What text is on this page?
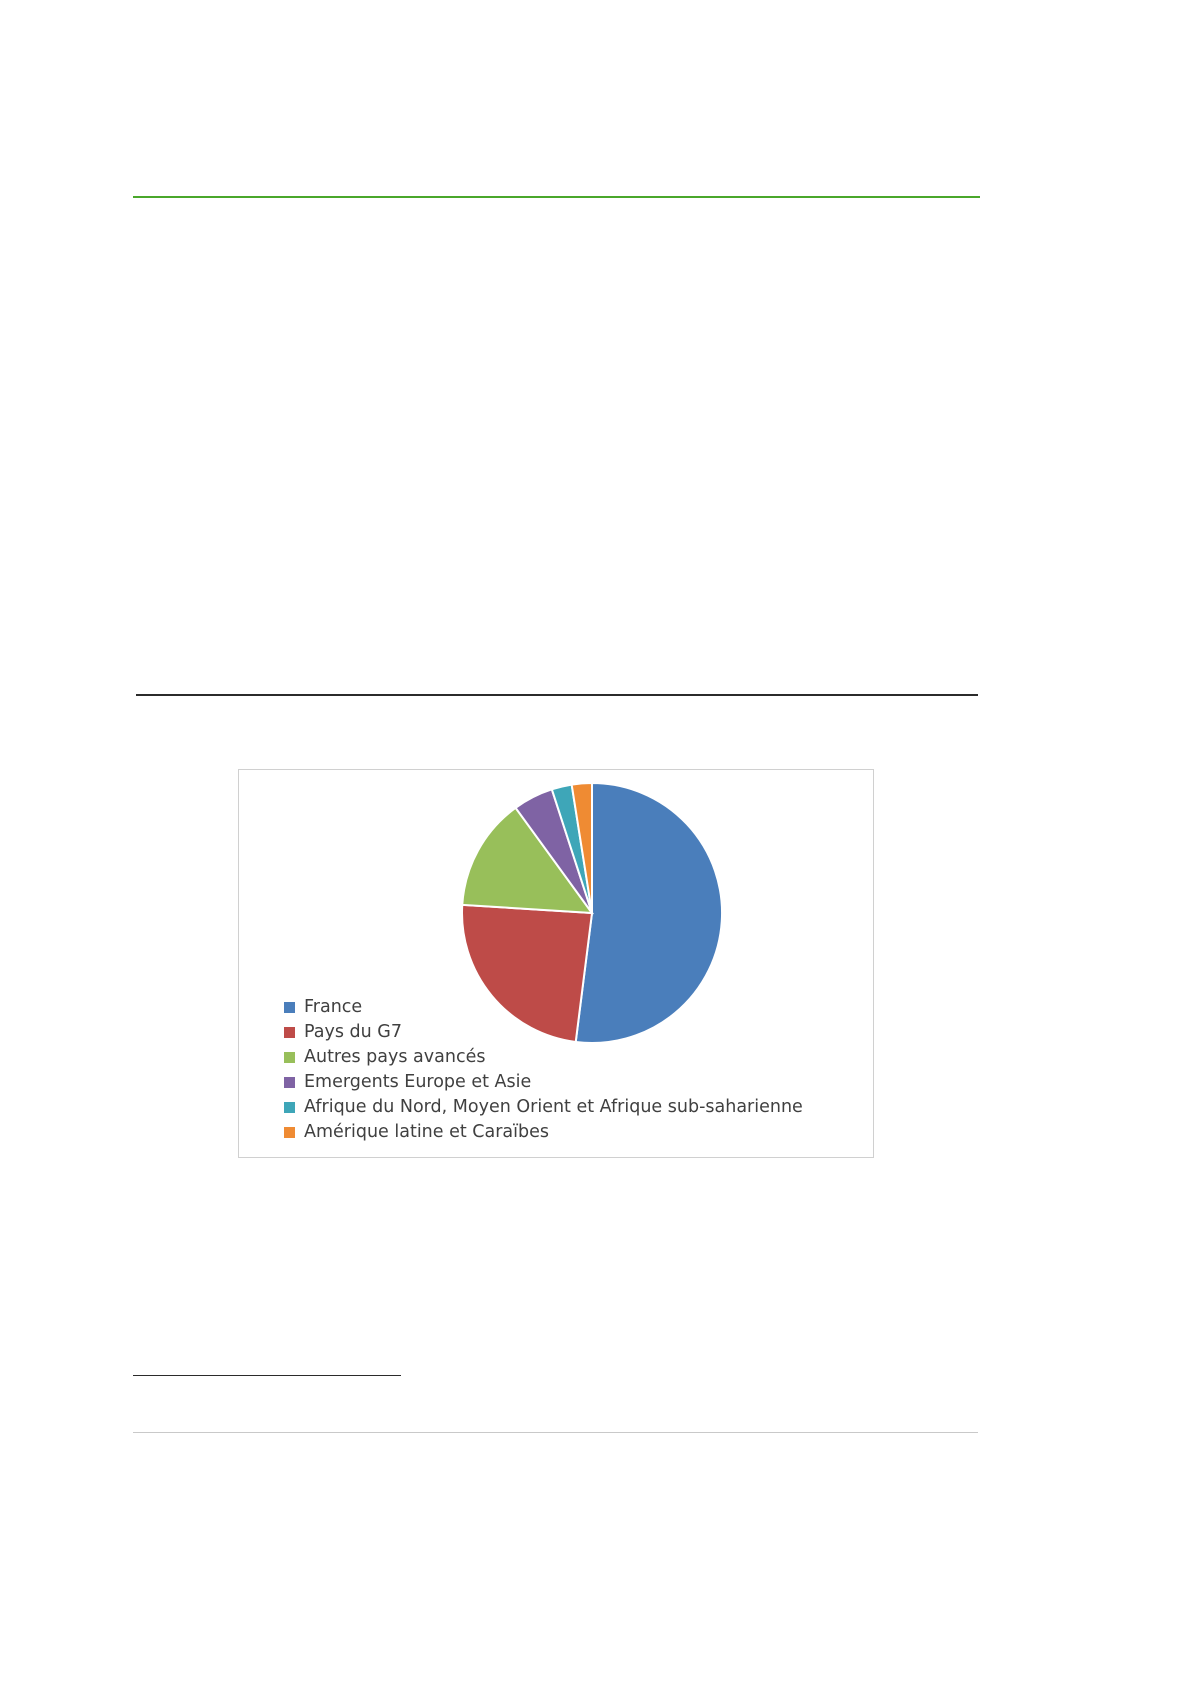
France
Pays du G7
Autres pays avancés
Emergents Europe et Asie
Afrique du Nord, Moyen Orient et Afrique sub-saharienne
Amérique latine et Caraïbes
